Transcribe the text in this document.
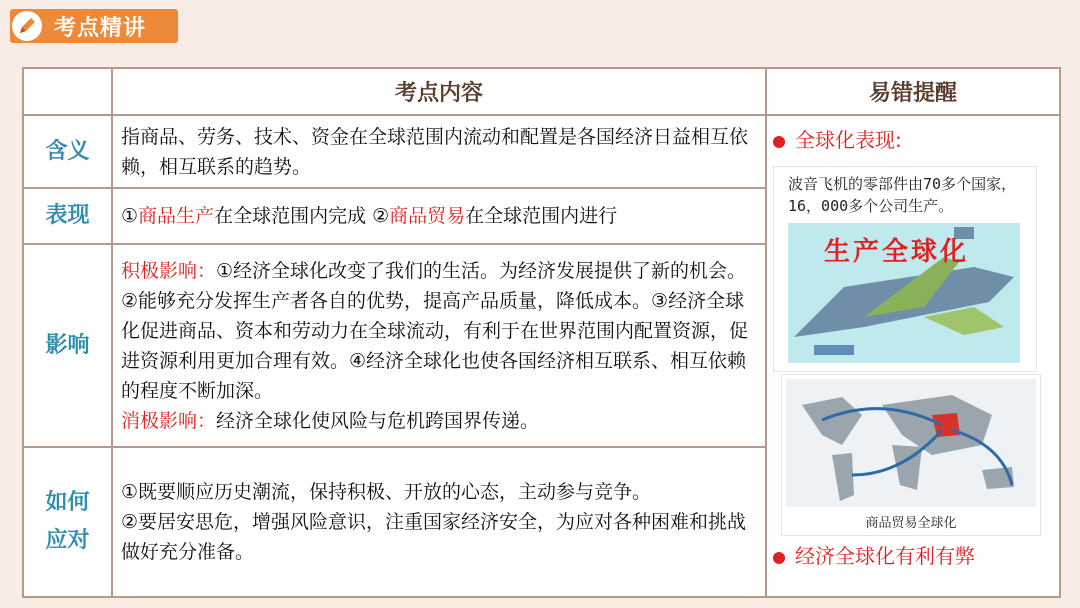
考点精讲
	考点内容	易错提醒
含义	指商品、劳务、技术、资金在全球范围内流动和配置是各国经济日益相互依赖，相互联系的趋势。	全球化表现:
波音飞机的零部件由70多个国家，16，000多个公司生产。
生产全球化
商品贸易全球化
经济全球化有利有弊

表现	①商品生产在全球范围内完成 ②商品贸易在全球范围内进行	
影响	积极影响：①经济全球化改变了我们的生活。为经济发展提供了新的机会。②能够充分发挥生产者各自的优势，提高产品质量，降低成本。③经济全球化促进商品、资本和劳动力在全球流动，有利于在世界范围内配置资源，促进资源利用更加合理有效。④经济全球化也使各国经济相互联系、相互依赖的程度不断加深。
消极影响：经济全球化使风险与危机跨国界传递。	
如何
应对	①既要顺应历史潮流，保持积极、开放的心态，主动参与竞争。
②要居安思危，增强风险意识，注重国家经济安全，为应对各种困难和挑战做好充分准备。	
